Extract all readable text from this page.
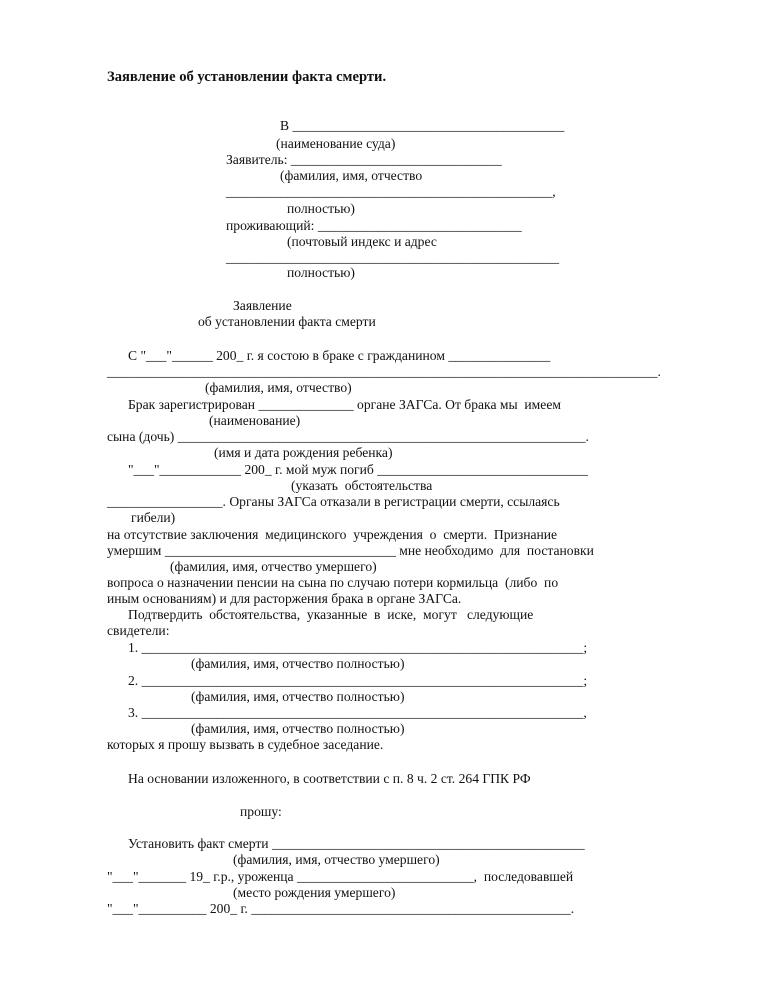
Заявление об установлении факта смерти.
В ________________________________________
(наименование суда)
Заявитель: _______________________________
(фамилия, имя, отчество
________________________________________________,
полностью)
проживающий: ______________________________
(почтовый индекс и адрес
_________________________________________________
полностью)
Заявление
об установлении факта смерти
С "___"______ 200_ г. я состою в браке с гражданином _______________
_________________________________________________________________________________.
(фамилия, имя, отчество)
Брак зарегистрирован ______________ органе ЗАГСа. От брака мы  имеем
(наименование)
сына (дочь) ____________________________________________________________.
(имя и дата рождения ребенка)
"___"____________ 200_ г. мой муж погиб _______________________________
(указать  обстоятельства
_________________. Органы ЗАГСа отказали в регистрации смерти, ссылаясь
гибели)
на отсутствие заключения  медицинского  учреждения  о  смерти.  Признание
умершим __________________________________ мне необходимо  для  постановки
(фамилия, имя, отчество умершего)
вопроса о назначении пенсии на сына по случаю потери кормильца  (либо  по
иным основаниям) и для расторжения брака в органе ЗАГСа.
Подтвердить  обстоятельства,  указанные  в  иске,  могут   следующие
свидетели:
1. _________________________________________________________________;
(фамилия, имя, отчество полностью)
2. _________________________________________________________________;
(фамилия, имя, отчество полностью)
3. _________________________________________________________________,
(фамилия, имя, отчество полностью)
которых я прошу вызвать в судебное заседание.
На основании изложенного, в соответствии с п. 8 ч. 2 ст. 264 ГПК РФ
прошу:
Установить факт смерти ______________________________________________
(фамилия, имя, отчество умершего)
"___"_______ 19_ г.р., уроженца __________________________,  последовавшей
(место рождения умершего)
"___"__________ 200_ г. _______________________________________________.
